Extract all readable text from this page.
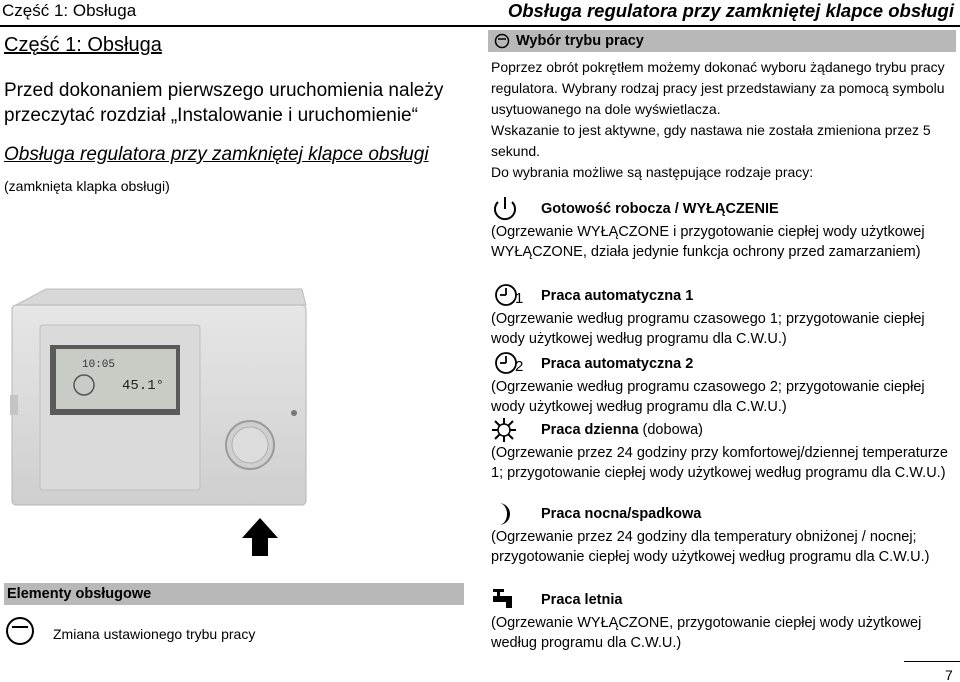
Część 1: Obsługa	Obsługa regulatora przy zamkniętej klapce obsługi
Część 1: Obsługa
Przed dokonaniem pierwszego uruchomienia należy przeczytać rozdział „Instalowanie i uruchomienie“
Obsługa regulatora przy zamkniętej klapce obsługi
(zamknięta klapka obsługi)
10:05
45.1°
Elementy obsługowe
Zmiana ustawionego trybu pracy
Wybór trybu pracy
Poprzez obrót pokrętłem możemy dokonać wyboru żądanego trybu pracy regulatora. Wybrany rodzaj pracy jest przedstawiany za pomocą symbolu usytuowanego na dole wyświetlacza.
Wskazanie to jest aktywne, gdy nastawa nie została zmieniona przez 5 sekund.
Do wybrania możliwe są następujące rodzaje pracy:
Gotowość robocza / WYŁĄCZENIE
(Ogrzewanie WYŁĄCZONE i przygotowanie ciepłej wody użytkowej WYŁĄCZONE, działa jedynie funkcja ochrony przed zamarzaniem)
1 Praca automatyczna 1
(Ogrzewanie według programu czasowego 1; przygotowanie ciepłej wody użytkowej według programu dla C.W.U.)
2 Praca automatyczna 2
(Ogrzewanie według programu czasowego 2; przygotowanie ciepłej wody użytkowej według programu dla C.W.U.)
Praca dzienna (dobowa)
(Ogrzewanie przez 24 godziny przy komfortowej/dziennej temperaturze 1; przygotowanie ciepłej wody użytkowej według programu dla C.W.U.)
Praca nocna/spadkowa
(Ogrzewanie przez 24 godziny dla temperatury obniżonej / nocnej; przygotowanie ciepłej wody użytkowej według programu dla C.W.U.)
Praca letnia
(Ogrzewanie WYŁĄCZONE, przygotowanie ciepłej wody użytkowej według programu dla C.W.U.)
7
